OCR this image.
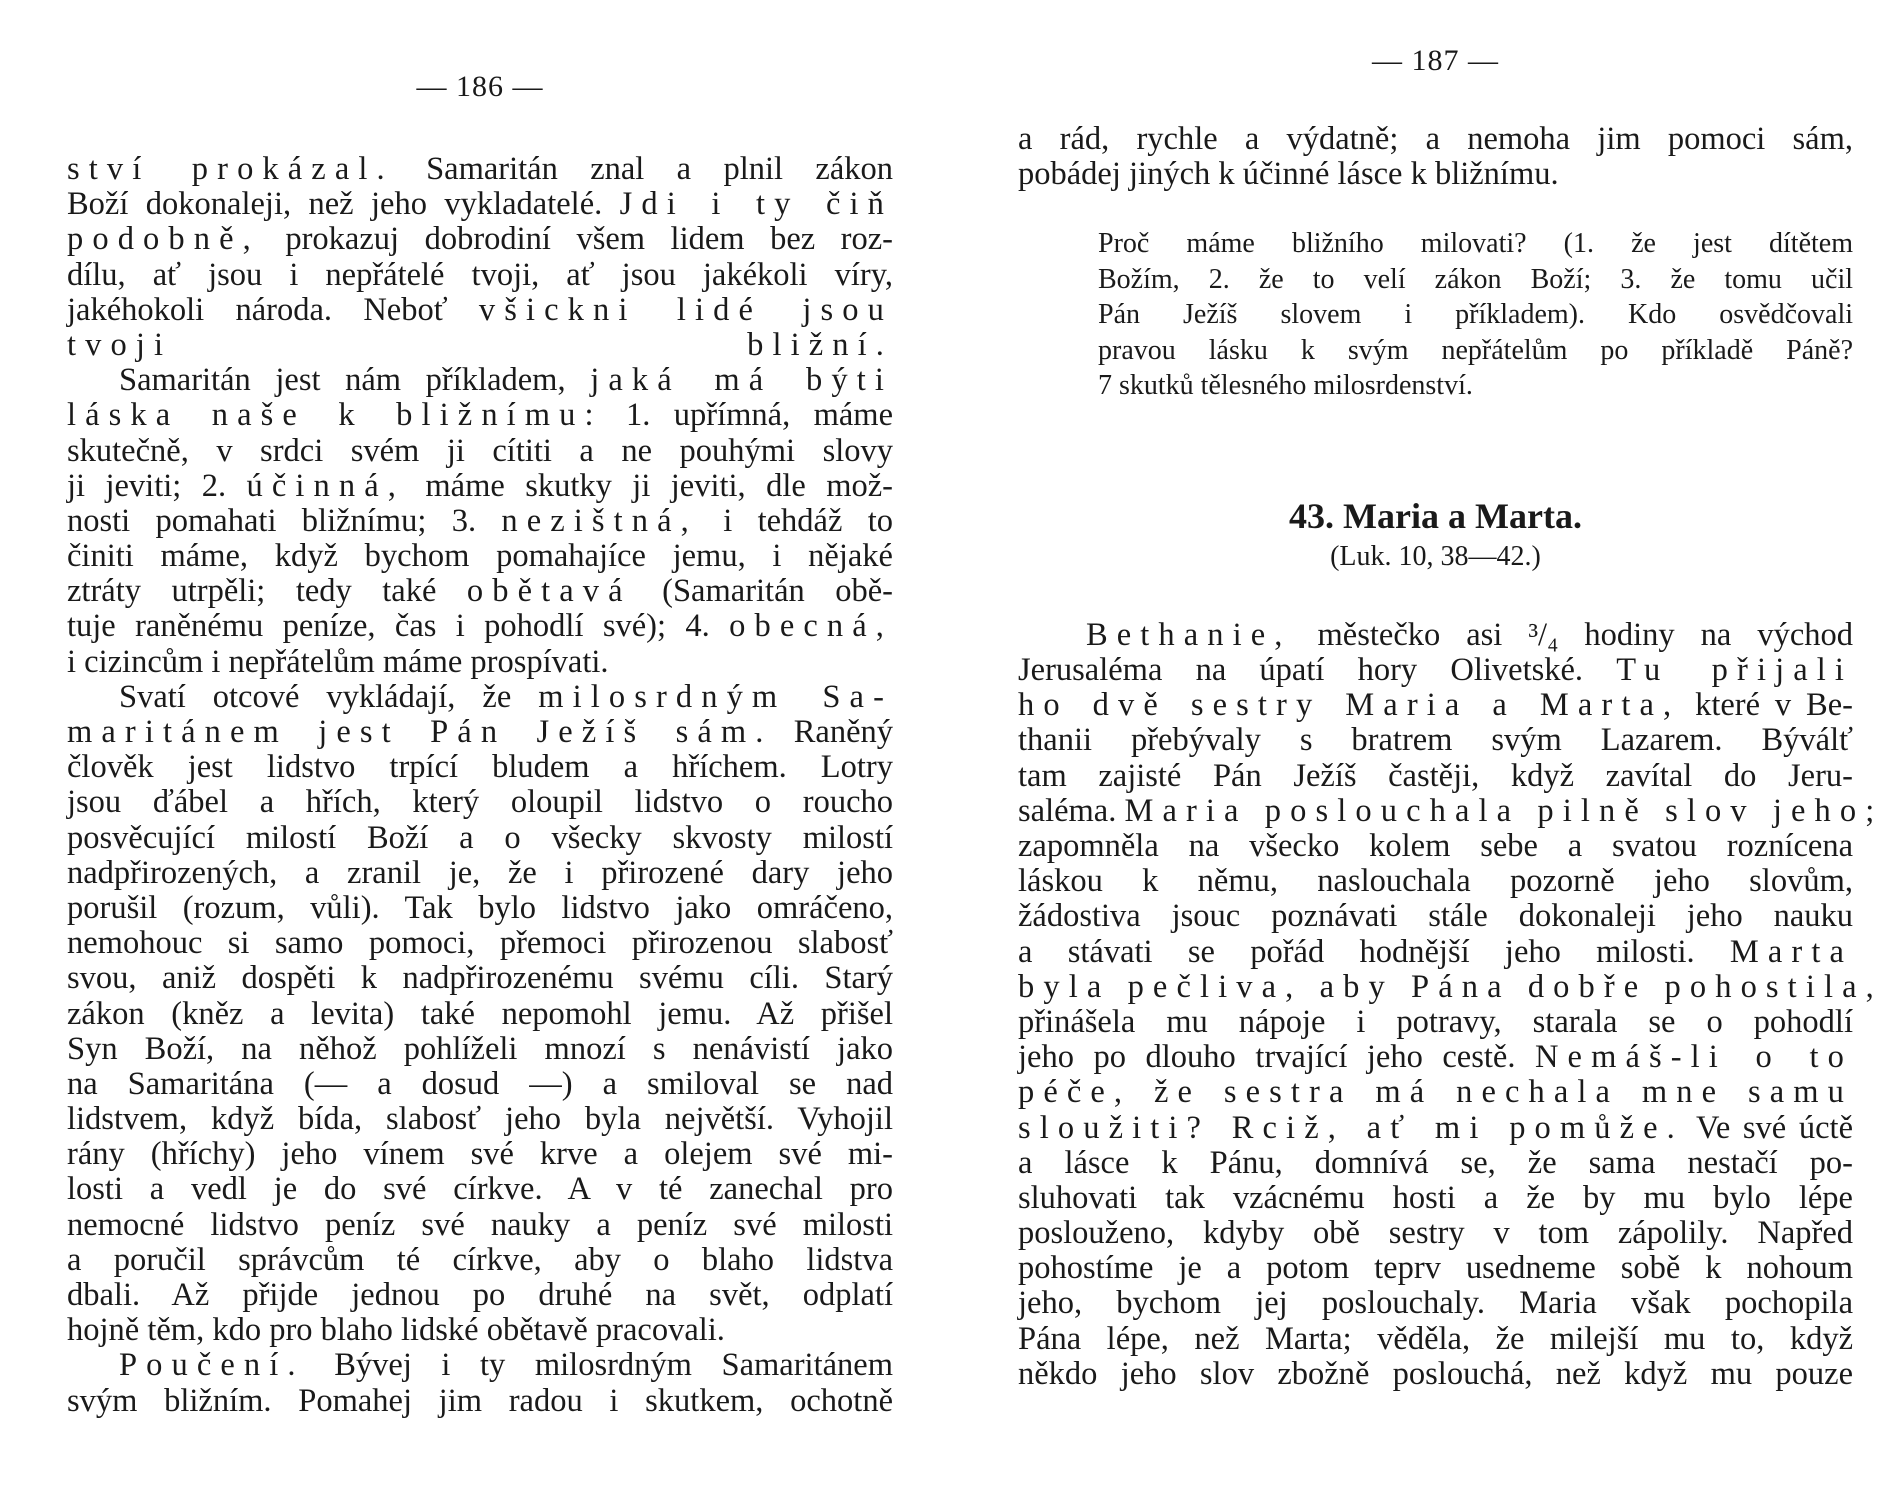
— 186 —
ství prokázal. Samaritán znal a plnil zákon
Boží dokonaleji, než jeho vykladatelé. Jdi i ty čiň
podobně, prokazuj dobrodiní všem lidem bez roz-
dílu, ať jsou i nepřátelé tvoji, ať jsou jakékoli víry,
jakéhokoli národa. Neboť všickni lidé jsou
tvoji bližní.
Samaritán jest nám příkladem, jaká má býti
láska naše k bližnímu: 1. upřímná, máme
skutečně, v srdci svém ji cítiti a ne pouhými slovy
ji jeviti; 2. účinná, máme skutky ji jeviti, dle mož-
nosti pomahati bližnímu; 3. nezištná, i tehdáž to
činiti máme, když bychom pomahajíce jemu, i nějaké
ztráty utrpěli; tedy také obětavá (Samaritán obě-
tuje raněnému peníze, čas i pohodlí své); 4. obecná,
i cizincům i nepřátelům máme prospívati.
Svatí otcové vykládají, že milosrdným Sa-
maritánem jest Pán Ježíš sám. Raněný
člověk jest lidstvo trpící bludem a hříchem. Lotry
jsou ďábel a hřích, který oloupil lidstvo o roucho
posvěcující milostí Boží a o všecky skvosty milostí
nadpřirozených, a zranil je, že i přirozené dary jeho
porušil (rozum, vůli). Tak bylo lidstvo jako omráčeno,
nemohouc si samo pomoci, přemoci přirozenou slabosť
svou, aniž dospěti k nadpřirozenému svému cíli. Starý
zákon (kněz a levita) také nepomohl jemu. Až přišel
Syn Boží, na něhož pohlíželi mnozí s nenávistí jako
na Samaritána (— a dosud —) a smiloval se nad
lidstvem, když bída, slabosť jeho byla největší. Vyhojil
rány (hříchy) jeho vínem své krve a olejem své mi-
losti a vedl je do své církve. A v té zanechal pro
nemocné lidstvo peníz své nauky a peníz své milosti
a poručil správcům té církve, aby o blaho lidstva
dbali. Až přijde jednou po druhé na svět, odplatí
hojně těm, kdo pro blaho lidské obětavě pracovali.
Poučení. Bývej i ty milosrdným Samaritánem
svým bližním. Pomahej jim radou i skutkem, ochotně
— 187 —
a rád, rychle a výdatně; a nemoha jim pomoci sám,
pobádej jiných k účinné lásce k bližnímu.
Proč máme bližního milovati? (1. že jest dítětem
Božím, 2. že to velí zákon Boží; 3. že tomu učil
Pán Ježíš slovem i příkladem). Kdo osvědčovali
pravou lásku k svým nepřátelům po příkladě Páně?
7 skutků tělesného milosrdenství.
43. Maria a Marta.
(Luk. 10, 38—42.)
Bethanie, městečko asi ³/₄ hodiny na východ
Jerusaléma na úpatí hory Olivetské. Tu přijali
ho dvě sestry Maria a Marta, které v Be-
thanii přebývaly s bratrem svým Lazarem. Býválť
tam zajisté Pán Ježíš častěji, když zavítal do Jeru-
saléma. Maria poslouchala pilně slov jeho;
zapomněla na všecko kolem sebe a svatou roznícena
láskou k němu, naslouchala pozorně jeho slovům,
žádostiva jsouc poznávati stále dokonaleji jeho nauku
a stávati se pořád hodnější jeho milosti. Marta
byla pečliva, aby Pána dobře pohostila,
přinášela mu nápoje i potravy, starala se o pohodlí
jeho po dlouho trvající jeho cestě. Nemáš-li o to
péče, že sestra má nechala mne samu
sloužiti? Rciž, ať mi pomůže. Ve své úctě
a lásce k Pánu, domnívá se, že sama nestačí po-
sluhovati tak vzácnému hosti a že by mu bylo lépe
poslouženo, kdyby obě sestry v tom zápolily. Napřed
pohostíme je a potom teprv usedneme sobě k nohoum
jeho, bychom jej poslouchaly. Maria však pochopila
Pána lépe, než Marta; věděla, že milejší mu to, když
někdo jeho slov zbožně poslouchá, než když mu pouze
